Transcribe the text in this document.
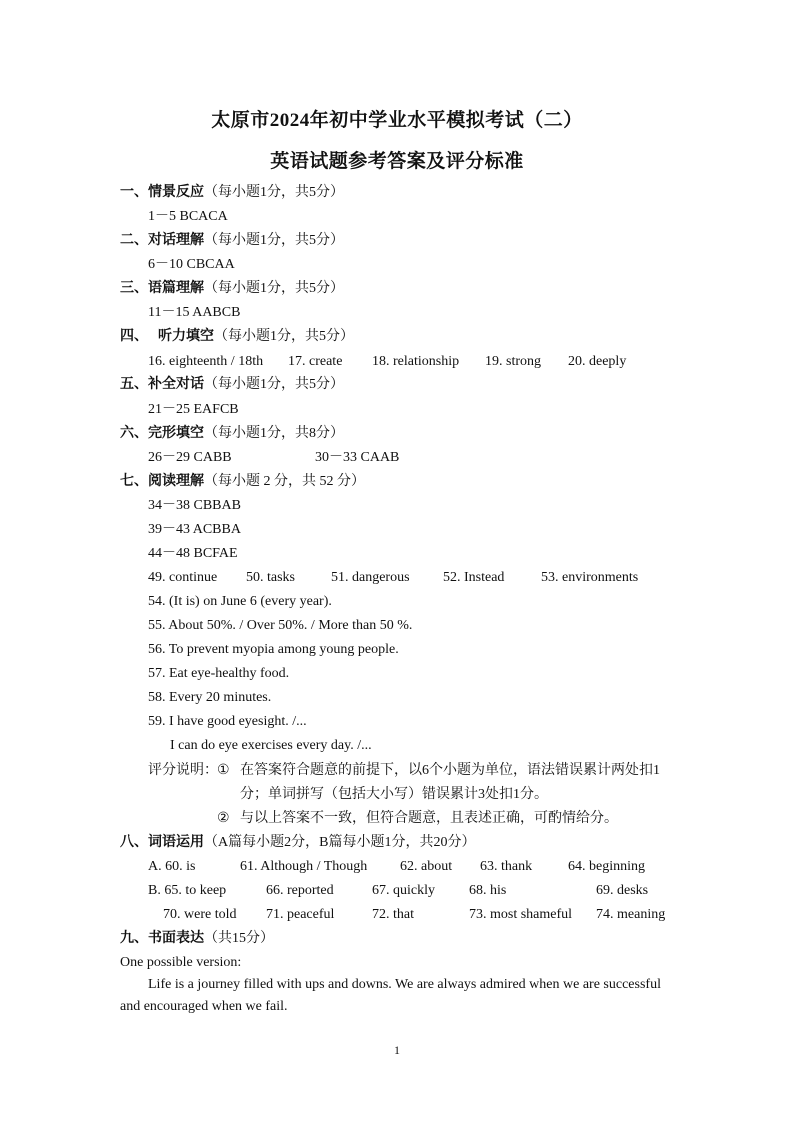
太原市2024年初中学业水平模拟考试（二）
英语试题参考答案及评分标准
一、情景反应（每小题1分，共5分）
1－5 BCACA
二、对话理解（每小题1分，共5分）
6－10 CBCAA
三、语篇理解（每小题1分，共5分）
11－15 AABCB
四、 听力填空（每小题1分，共5分）
16. eighteenth / 18th 17. create 18. relationship 19. strong 20. deeply
五、补全对话（每小题1分，共5分）
21－25 EAFCB
六、完形填空（每小题1分，共8分）
26－29 CABB	30－33 CAAB
七、阅读理解（每小题 2 分，共 52 分）
34－38 CBBAB
39－43 ACBBA
44－48 BCFAE
49. continue 50. tasks	51. dangerous 52. Instead	53. environments
54. (It is) on June 6 (every year).
55. About 50%. / Over 50%. / More than 50 %.
56. To prevent myopia among young people.
57. Eat eye-healthy food.
58. Every 20 minutes.
59. I have good eyesight. /...
I can do eye exercises every day. /...
评分说明： ① 在答案符合题意的前提下，以6个小题为单位，语法错误累计两处扣1
分；单词拼写（包括大小写）错误累计3处扣1分。
② 与以上答案不一致，但符合题意，且表述正确，可酌情给分。
八、词语运用（A篇每小题2分，B篇每小题1分，共20分）
A. 60. is	61. Although / Though 62. about 63. thank	64. beginning
B. 65. to keep	66. reported	67. quickly 68. his	69. desks
70. were told 71. peaceful	72. that	73. most shameful 74. meaning
九、书面表达（共15分）
One possible version:
Life is a journey filled with ups and downs. We are always admired when we are successful
and encouraged when we fail.
1
